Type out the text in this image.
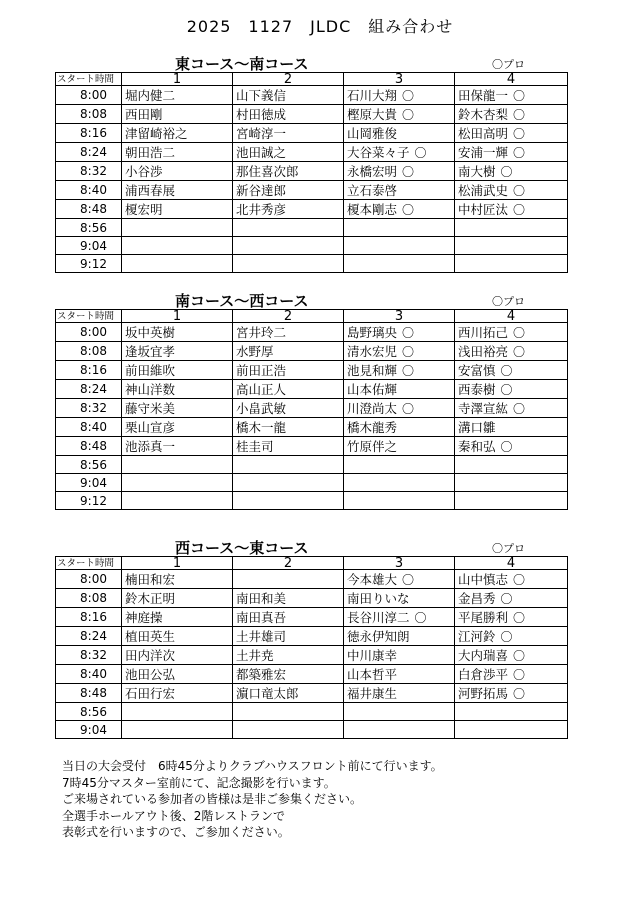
2025　1127　JLDC　組み合わせ
東コース～南コース	〇プロ
スタート時間	1	2	3	4
8:00	堀内健二	山下義信	石川大翔 〇	田保龍一 〇
8:08	西田剛	村田徳成	樫原大貴 〇	鈴木杏梨 〇
8:16	津留崎裕之	宮崎淳一	山岡雅俊	松田高明 〇
8:24	朝田浩二	池田誠之	大谷菜々子 〇	安浦一輝 〇
8:32	小谷渉	那住喜次郎	永橋宏明 〇	南大樹 〇
8:40	浦西春展	新谷達郎	立石泰啓	松浦武史 〇
8:48	榎宏明	北井秀彦	榎本剛志 〇	中村匠汰 〇
8:56				
9:04				
9:12				
南コース～西コース	〇プロ
スタート時間	1	2	3	4
8:00	坂中英樹	宮井玲二	島野璃央 〇	西川拓己 〇
8:08	逢坂宜孝	水野厚	清水宏児 〇	浅田裕亮 〇
8:16	前田維吹	前田正浩	池見和輝 〇	安富慎 〇
8:24	神山洋数	高山正人	山本佑輝	西泰樹 〇
8:32	藤守米美	小畠武敏	川澄尚太 〇	寺澤宣紘 〇
8:40	栗山宣彦	橋木一龍	橋木龍秀	溝口雛
8:48	池添真一	桂圭司	竹原伴之	秦和弘 〇
8:56				
9:04				
9:12				
西コース～東コース	〇プロ
スタート時間	1	2	3	4
8:00	楠田和宏		今本雄大 〇	山中慎志 〇
8:08	鈴木正明	南田和美	南田りいな	金昌秀 〇
8:16	神庭操	南田真吾	長谷川淳二 〇	平尾勝利 〇
8:24	植田英生	土井雄司	徳永伊知朗	江河鈴 〇
8:32	田内洋次	土井尭	中川康幸	大内瑞喜 〇
8:40	池田公弘	都築雅宏	山本哲平	白倉渉平 〇
8:48	石田行宏	濵口竜太郎	福井康生	河野拓馬 〇
8:56				
9:04				
当日の大会受付　6時45分よりクラブハウスフロント前にて行います。
7時45分マスター室前にて、記念撮影を行います。
ご来場されている参加者の皆様は是非ご参集ください。
全選手ホールアウト後、2階レストランで
表彰式を行いますので、ご参加ください。
